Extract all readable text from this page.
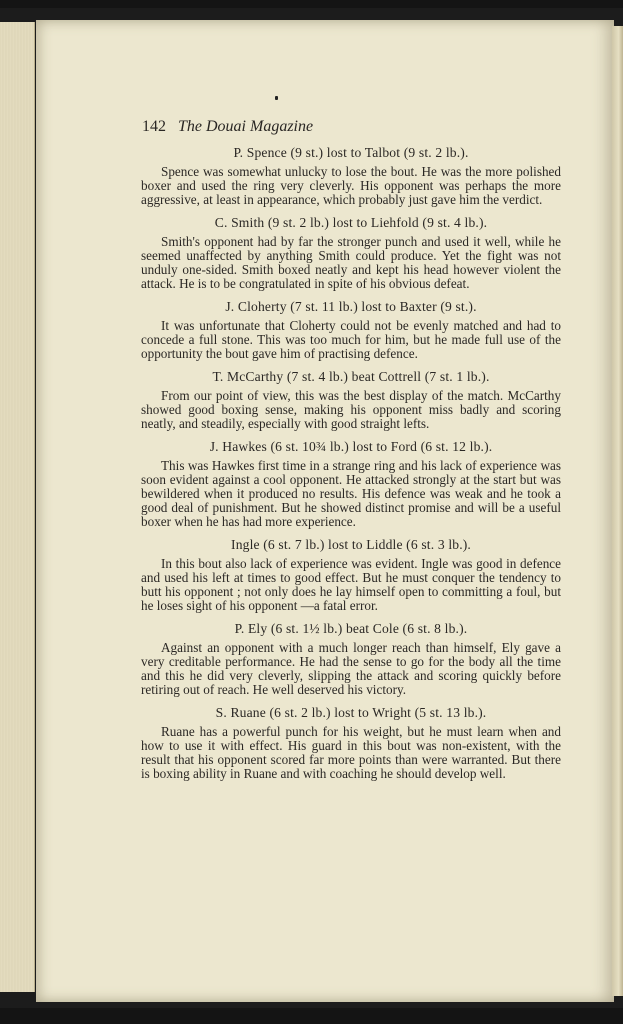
142 The Douai Magazine

P. Spence (9 st.) lost to Talbot (9 st. 2 lb.).

Spence was somewhat unlucky to lose the bout. He was the more polished boxer and used the ring very cleverly. His opponent was perhaps the more aggressive, at least in appearance, which probably just gave him the verdict.

C. Smith (9 st. 2 lb.) lost to Liehfold (9 st. 4 lb.).

Smith's opponent had by far the stronger punch and used it well, while he seemed unaffected by anything Smith could produce. Yet the fight was not unduly one-sided. Smith boxed neatly and kept his head however violent the attack. He is to be congratulated in spite of his obvious defeat.

J. Cloherty (7 st. 11 lb.) lost to Baxter (9 st.).

It was unfortunate that Cloherty could not be evenly matched and had to concede a full stone. This was too much for him, but he made full use of the opportunity the bout gave him of practising defence.

T. McCarthy (7 st. 4 lb.) beat Cottrell (7 st. 1 lb.).

From our point of view, this was the best display of the match. McCarthy showed good boxing sense, making his opponent miss badly and scoring neatly, and steadily, especially with good straight lefts.

J. Hawkes (6 st. 10¾ lb.) lost to Ford (6 st. 12 lb.).

This was Hawkes first time in a strange ring and his lack of experience was soon evident against a cool opponent. He attacked strongly at the start but was bewildered when it produced no results. His defence was weak and he took a good deal of punishment. But he showed distinct promise and will be a useful boxer when he has had more experience.

Ingle (6 st. 7 lb.) lost to Liddle (6 st. 3 lb.).

In this bout also lack of experience was evident. Ingle was good in defence and used his left at times to good effect. But he must conquer the tendency to butt his opponent ; not only does he lay himself open to committing a foul, but he loses sight of his opponent —a fatal error.

P. Ely (6 st. 1½ lb.) beat Cole (6 st. 8 lb.).

Against an opponent with a much longer reach than himself, Ely gave a very creditable performance. He had the sense to go for the body all the time and this he did very cleverly, slipping the attack and scoring quickly before retiring out of reach. He well deserved his victory.

S. Ruane (6 st. 2 lb.) lost to Wright (5 st. 13 lb.).

Ruane has a powerful punch for his weight, but he must learn when and how to use it with effect. His guard in this bout was non-existent, with the result that his opponent scored far more points than were warranted. But there is boxing ability in Ruane and with coaching he should develop well.
